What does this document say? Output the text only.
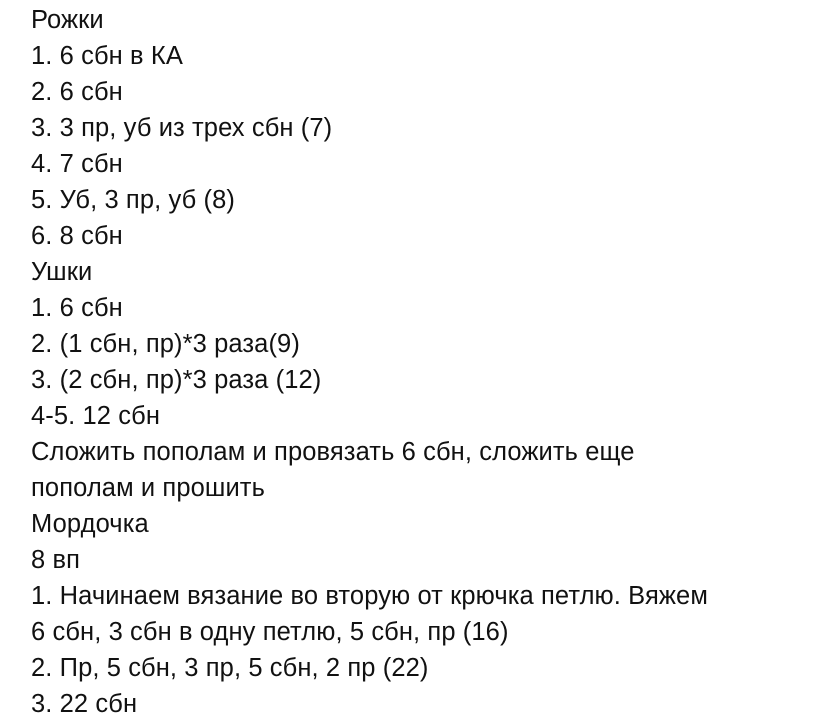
Рожки
1. 6 сбн в КА
2. 6 сбн
3. 3 пр, уб из трех сбн (7)
4. 7 сбн
5. Уб, 3 пр, уб (8)
6. 8 сбн
Ушки
1. 6 сбн
2. (1 сбн, пр)*3 раза(9)
3. (2 сбн, пр)*3 раза (12)
4-5. 12 сбн
Сложить пополам и провязать 6 сбн, сложить еще
пополам и прошить
Мордочка
8 вп
1. Начинаем вязание во вторую от крючка петлю. Вяжем
6 сбн, 3 сбн в одну петлю, 5 сбн, пр (16)
2. Пр, 5 сбн, 3 пр, 5 сбн, 2 пр (22)
3. 22 сбн
